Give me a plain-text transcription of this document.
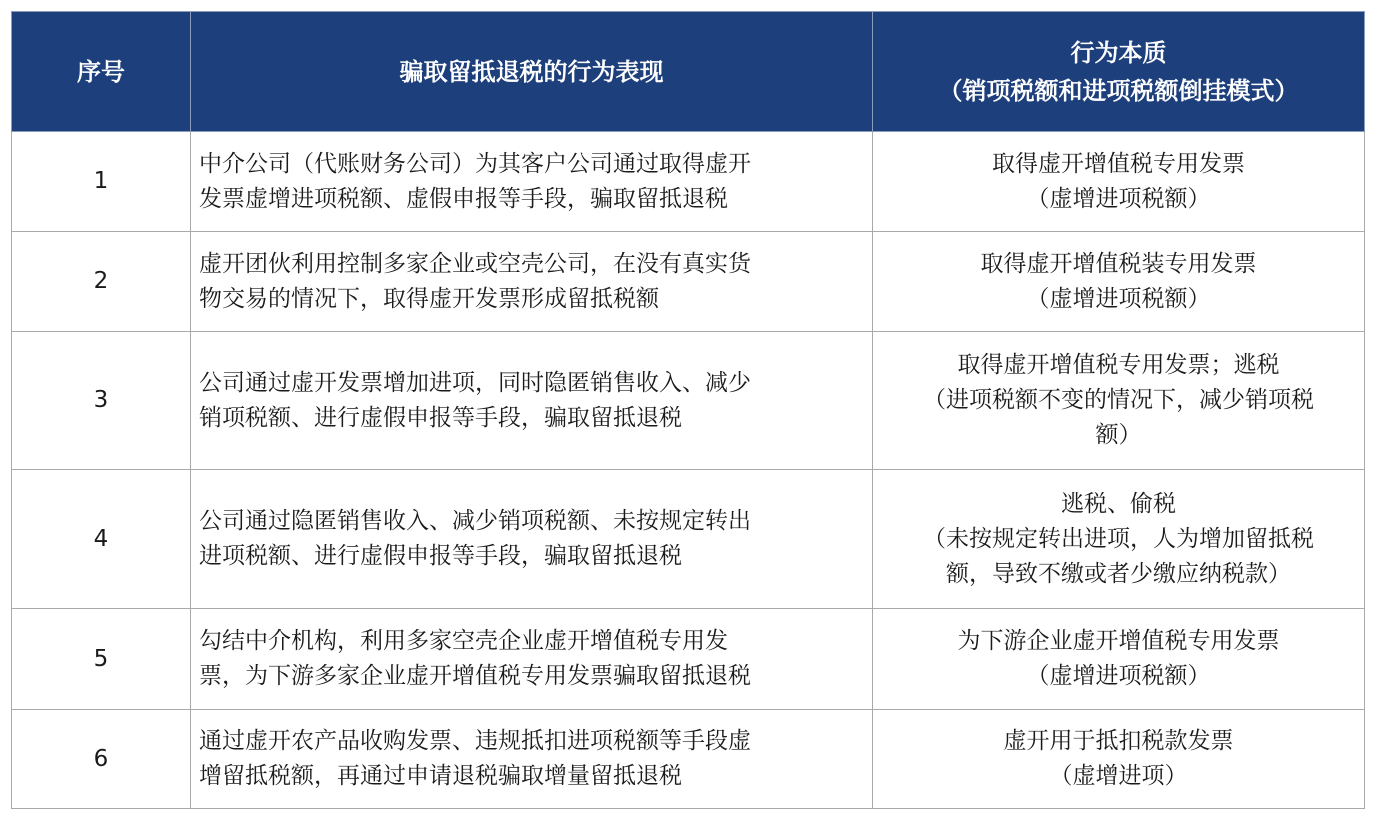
序号	骗取留抵退税的行为表现	行为本质
（销项税额和进项税额倒挂模式）

1	中介公司（代账财务公司）为其客户公司通过取得虚开
发票虚增进项税额、虚假申报等手段，骗取留抵退税	取得虚开增值税专用发票
（虚增进项税额）

2	虚开团伙利用控制多家企业或空壳公司，在没有真实货
物交易的情况下，取得虚开发票形成留抵税额	取得虚开增值税装专用发票
（虚增进项税额）

3	公司通过虚开发票增加进项，同时隐匿销售收入、减少
销项税额、进行虚假申报等手段，骗取留抵退税	取得虚开增值税专用发票；逃税
（进项税额不变的情况下，减少销项税
额）

4	公司通过隐匿销售收入、减少销项税额、未按规定转出
进项税额、进行虚假申报等手段，骗取留抵退税	逃税、偷税
（未按规定转出进项，人为增加留抵税
额，导致不缴或者少缴应纳税款）

5	勾结中介机构，利用多家空壳企业虚开增值税专用发
票，为下游多家企业虚开增值税专用发票骗取留抵退税	为下游企业虚开增值税专用发票
（虚增进项税额）

6	通过虚开农产品收购发票、违规抵扣进项税额等手段虚
增留抵税额，再通过申请退税骗取增量留抵退税	虚开用于抵扣税款发票
（虚增进项）
